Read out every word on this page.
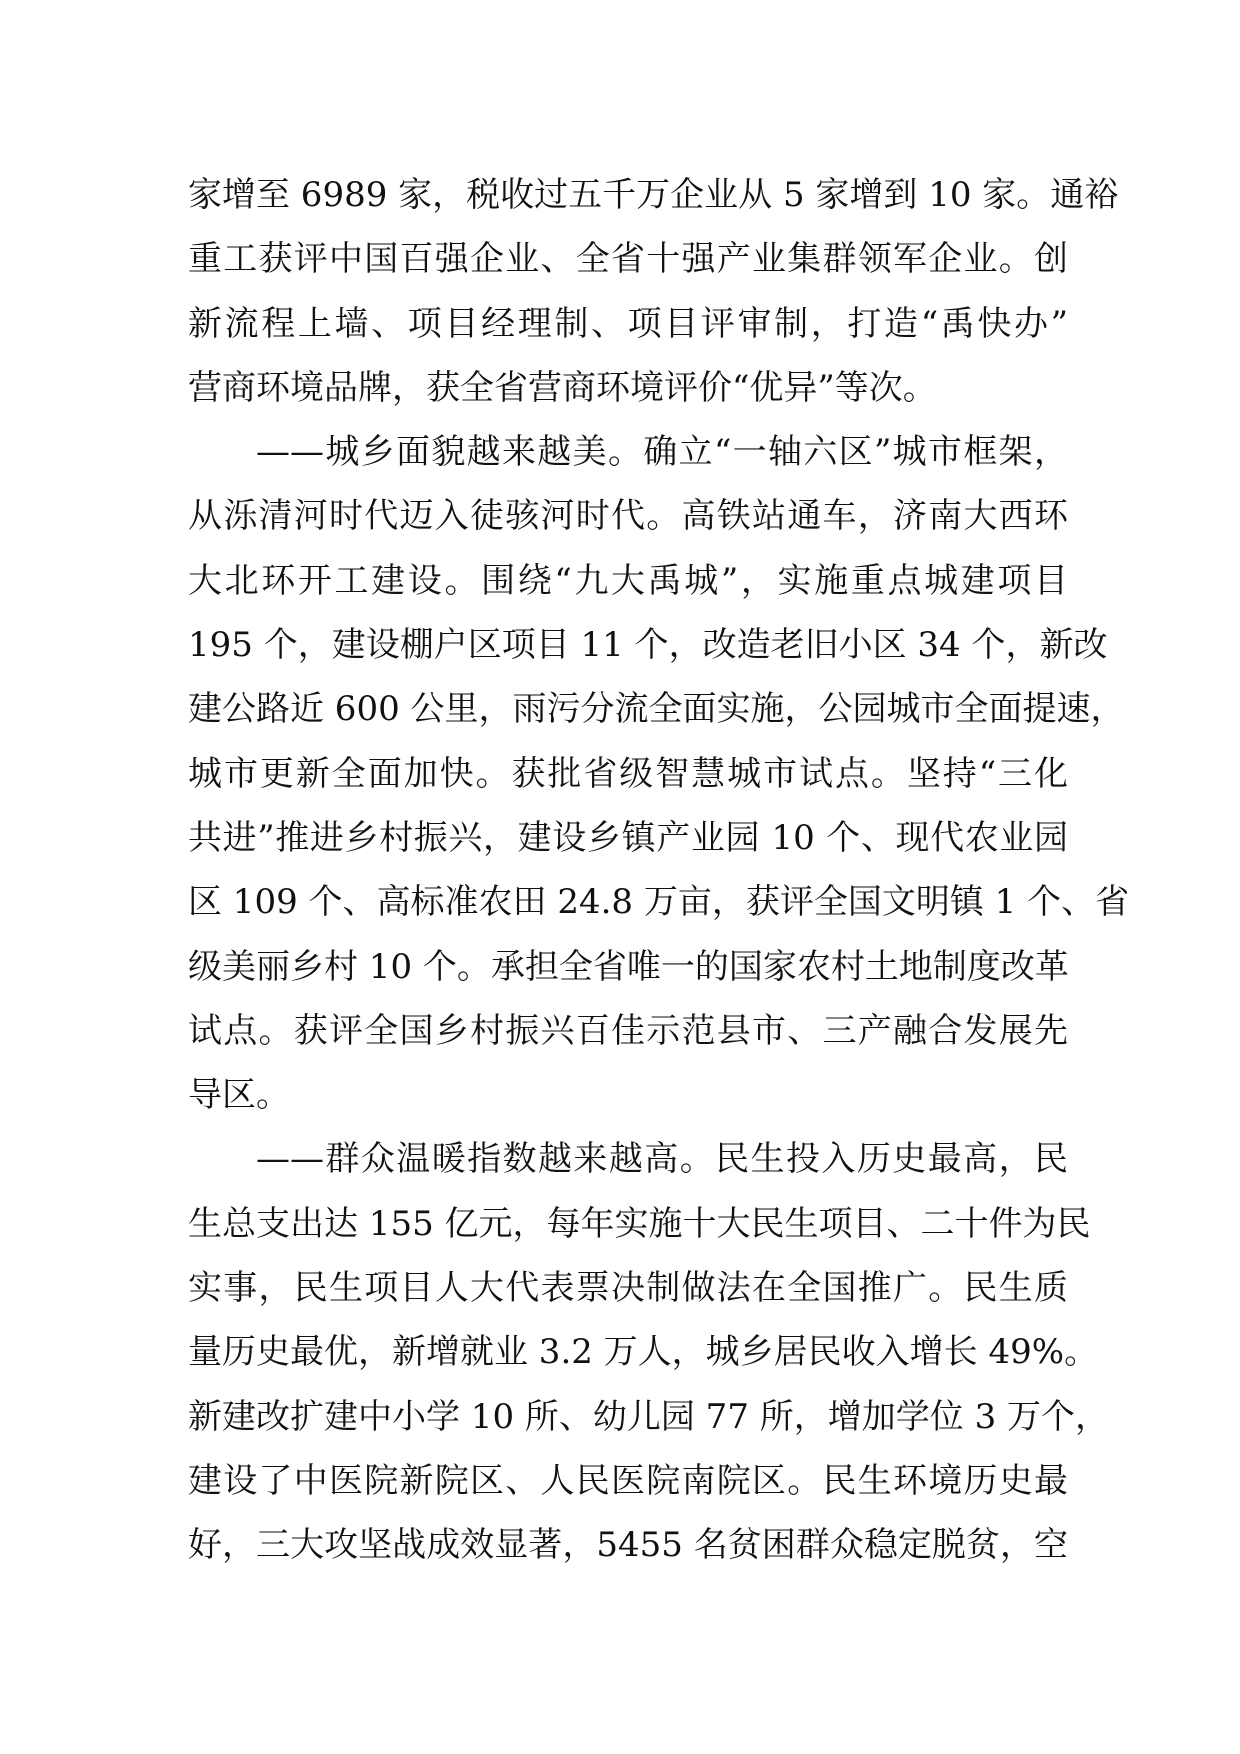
家增至 6989 家，税收过五千万企业从 5 家增到 10 家。通裕
重工获评中国百强企业、全省十强产业集群领军企业。创
新流程上墙、项目经理制、项目评审制，打造“禹快办”
营商环境品牌，获全省营商环境评价“优异”等次。
——城乡面貌越来越美。确立“一轴六区”城市框架，
从泺清河时代迈入徒骇河时代。高铁站通车，济南大西环
大北环开工建设。围绕“九大禹城”，实施重点城建项目
195 个，建设棚户区项目 11 个，改造老旧小区 34 个，新改
建公路近 600 公里，雨污分流全面实施，公园城市全面提速，
城市更新全面加快。获批省级智慧城市试点。坚持“三化
共进”推进乡村振兴，建设乡镇产业园 10 个、现代农业园
区 109 个、高标准农田 24.8 万亩，获评全国文明镇 1 个、省
级美丽乡村 10 个。承担全省唯一的国家农村土地制度改革
试点。获评全国乡村振兴百佳示范县市、三产融合发展先
导区。
——群众温暖指数越来越高。民生投入历史最高，民
生总支出达 155 亿元，每年实施十大民生项目、二十件为民
实事，民生项目人大代表票决制做法在全国推广。民生质
量历史最优，新增就业 3.2 万人，城乡居民收入增长 49%。
新建改扩建中小学 10 所、幼儿园 77 所，增加学位 3 万个，
建设了中医院新院区、人民医院南院区。民生环境历史最
好，三大攻坚战成效显著，5455 名贫困群众稳定脱贫，空
